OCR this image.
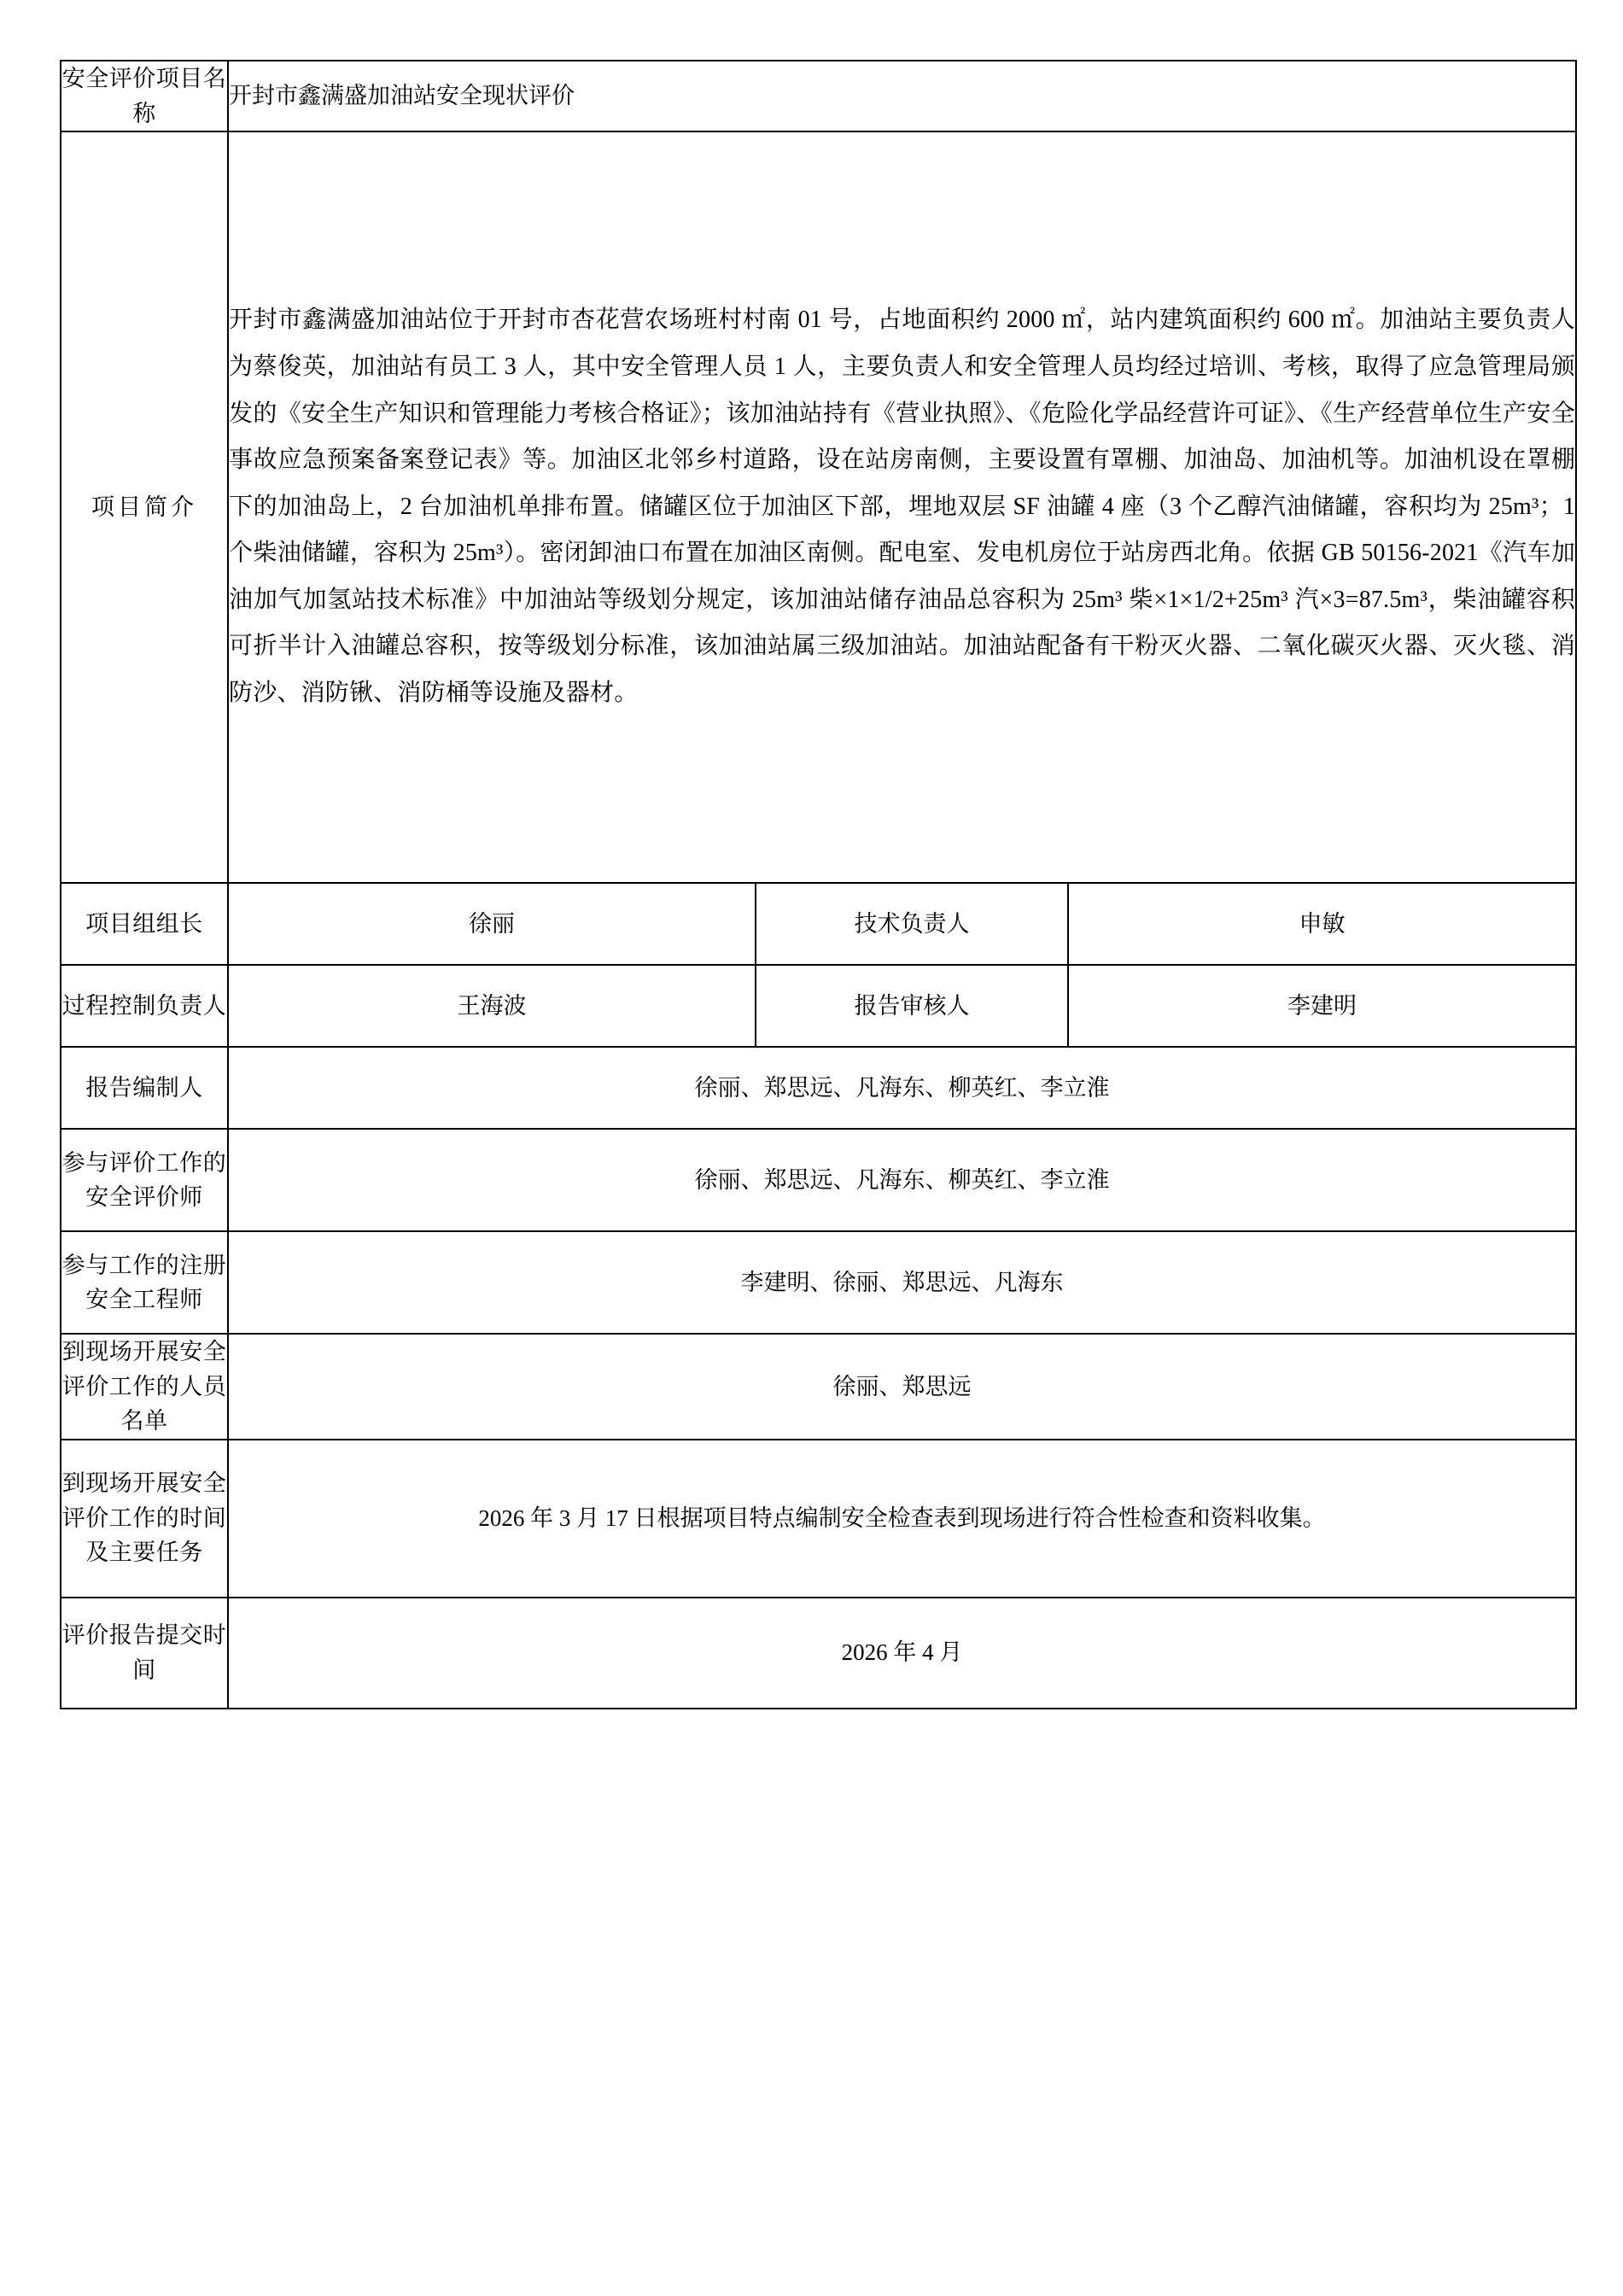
安全评价项目名称	开封市鑫满盛加油站安全现状评价		
项目简介	开封市鑫满盛加油站位于开封市杏花营农场班村村南 01 号，占地面积约 2000 ㎡，站内建筑面积约 600 ㎡。加油站主要负责人为蔡俊英，加油站有员工 3 人，其中安全管理人员 1 人，主要负责人和安全管理人员均经过培训、考核，取得了应急管理局颁发的《安全生产知识和管理能力考核合格证》；该加油站持有《营业执照》、《危险化学品经营许可证》、《生产经营单位生产安全事故应急预案备案登记表》等。加油区北邻乡村道路，设在站房南侧，主要设置有罩棚、加油岛、加油机等。加油机设在罩棚下的加油岛上，2 台加油机单排布置。储罐区位于加油区下部，埋地双层 SF 油罐 4 座（3 个乙醇汽油储罐，容积均为 25m³；1 个柴油储罐，容积为 25m³）。密闭卸油口布置在加油区南侧。配电室、发电机房位于站房西北角。依据 GB 50156-2021《汽车加油加气加氢站技术标准》中加油站等级划分规定，该加油站储存油品总容积为 25m³ 柴×1×1/2+25m³ 汽×3=87.5m³，柴油罐容积可折半计入油罐总容积，按等级划分标准，该加油站属三级加油站。加油站配备有干粉灭火器、二氧化碳灭火器、灭火毯、消防沙、消防锹、消防桶等设施及器材。		

项目组组长	徐丽	技术负责人	申敏
过程控制负责人	王海波	报告审核人	李建明
报告编制人	徐丽、郑思远、凡海东、柳英红、李立淮		
参与评价工作的安全评价师	徐丽、郑思远、凡海东、柳英红、李立淮		
参与工作的注册安全工程师	李建明、徐丽、郑思远、凡海东		
到现场开展安全评价工作的人员名单	徐丽、郑思远		
到现场开展安全评价工作的时间及主要任务	2026 年 3 月 17 日根据项目特点编制安全检查表到现场进行符合性检查和资料收集。		
评价报告提交时间	2026 年 4 月		
